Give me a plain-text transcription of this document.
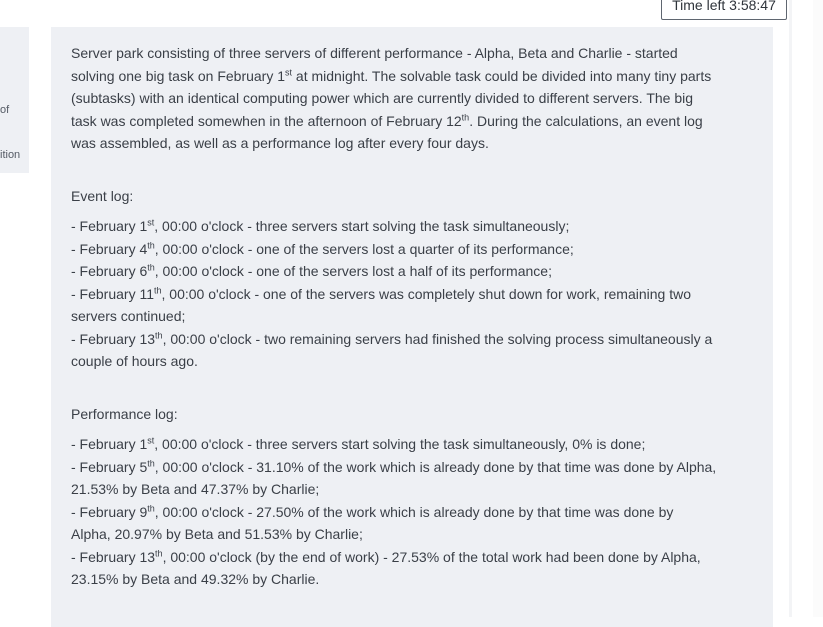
of
ition
Time left 3:58:47
Server park consisting of three servers of different performance - Alpha, Beta and Charlie - started
solving one big task on February 1st at midnight. The solvable task could be divided into many tiny parts
(subtasks) with an identical computing power which are currently divided to different servers. The big
task was completed somewhen in the afternoon of February 12th. During the calculations, an event log
was assembled, as well as a performance log after every four days.
Event log:
- February 1st, 00:00 o'clock - three servers start solving the task simultaneously;
- February 4th, 00:00 o'clock - one of the servers lost a quarter of its performance;
- February 6th, 00:00 o'clock - one of the servers lost a half of its performance;
- February 11th, 00:00 o'clock - one of the servers was completely shut down for work, remaining two
servers continued;
- February 13th, 00:00 o'clock - two remaining servers had finished the solving process simultaneously a
couple of hours ago.
Performance log:
- February 1st, 00:00 o'clock - three servers start solving the task simultaneously, 0% is done;
- February 5th, 00:00 o'clock - 31.10% of the work which is already done by that time was done by Alpha,
21.53% by Beta and 47.37% by Charlie;
- February 9th, 00:00 o'clock - 27.50% of the work which is already done by that time was done by
Alpha, 20.97% by Beta and 51.53% by Charlie;
- February 13th, 00:00 o'clock (by the end of work) - 27.53% of the total work had been done by Alpha,
23.15% by Beta and 49.32% by Charlie.
